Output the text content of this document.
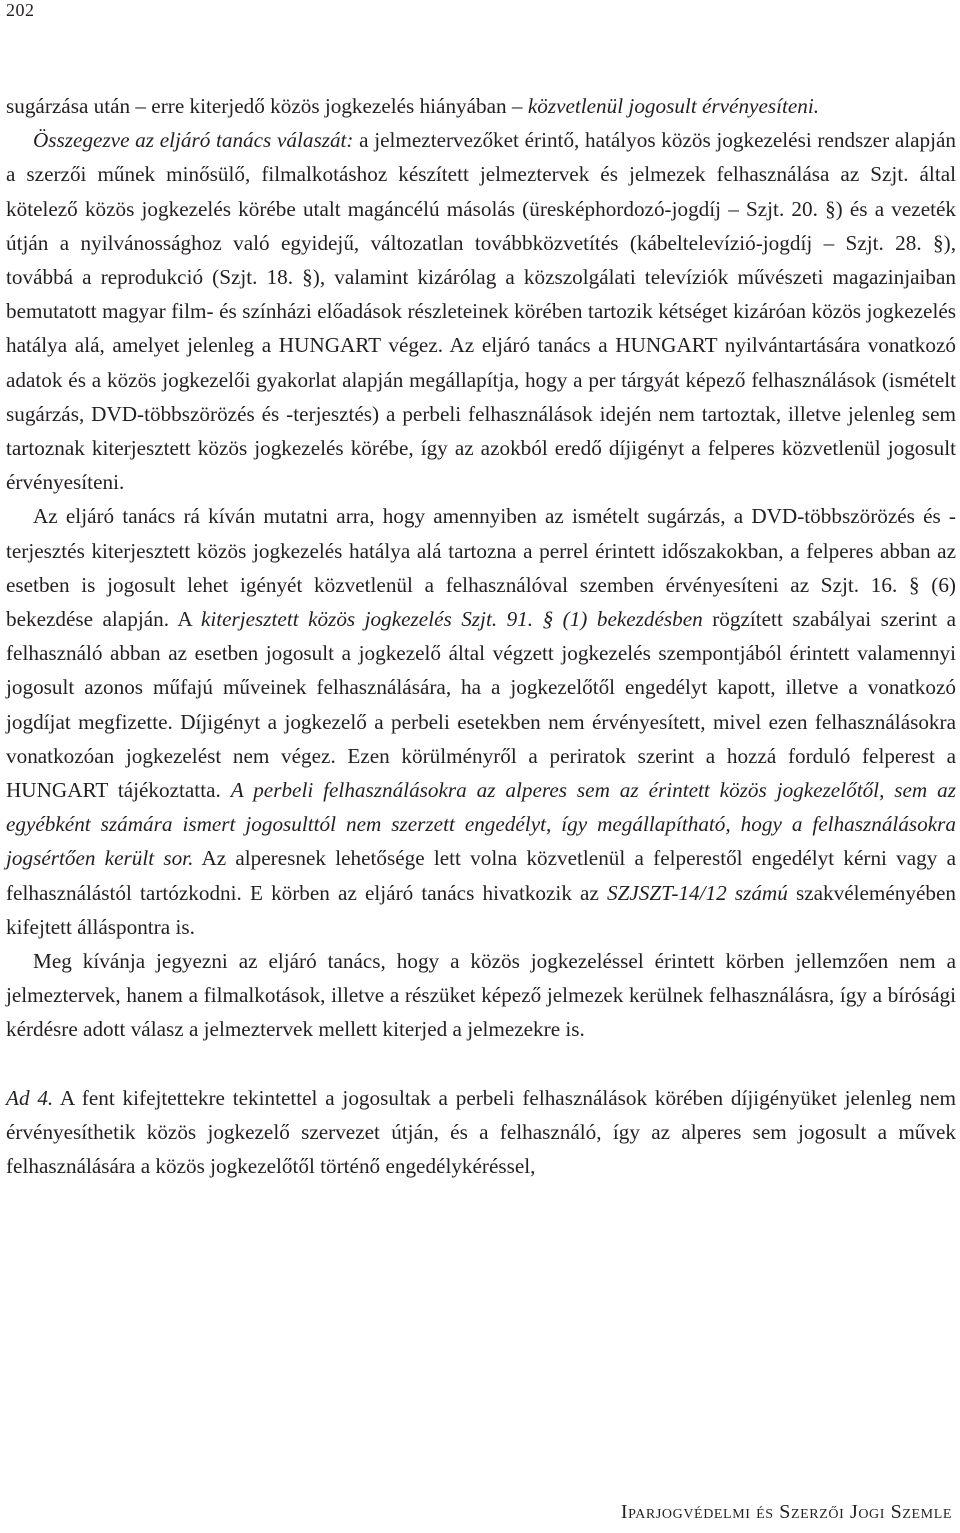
202

sugárzása után – erre kiterjedő közös jogkezelés hiányában – közvetlenül jogosult érvényesíteni.

Összegezve az eljáró tanács válaszát: a jelmeztervezőket érintő, hatályos közös jogkezelési rendszer alapján a szerzői műnek minősülő, filmalkotáshoz készített jelmeztervek és jelmezek felhasználása az Szjt. által kötelező közös jogkezelés körébe utalt magáncélú másolás (üresképhordozó-jogdíj – Szjt. 20. §) és a vezeték útján a nyilvánossághoz való egyidejű, változatlan továbbközvetítés (kábeltelevízió-jogdíj – Szjt. 28. §), továbbá a reprodukció (Szjt. 18. §), valamint kizárólag a közszolgálati televíziók művészeti magazinjaiban bemutatott magyar film- és színházi előadások részleteinek körében tartozik kétséget kizáróan közös jogkezelés hatálya alá, amelyet jelenleg a HUNGART végez. Az eljáró tanács a HUNGART nyilvántartására vonatkozó adatok és a közös jogkezelői gyakorlat alapján megállapítja, hogy a per tárgyát képező felhasználások (ismételt sugárzás, DVD-többszörözés és -terjesztés) a perbeli felhasználások idején nem tartoztak, illetve jelenleg sem tartoznak kiterjesztett közös jogkezelés körébe, így az azokból eredő díjigényt a felperes közvetlenül jogosult érvényesíteni.

Az eljáró tanács rá kíván mutatni arra, hogy amennyiben az ismételt sugárzás, a DVD-többszörözés és -terjesztés kiterjesztett közös jogkezelés hatálya alá tartozna a perrel érintett időszakokban, a felperes abban az esetben is jogosult lehet igényét közvetlenül a felhasználóval szemben érvényesíteni az Szjt. 16. § (6) bekezdése alapján. A kiterjesztett közös jogkezelés Szjt. 91. § (1) bekezdésben rögzített szabályai szerint a felhasználó abban az esetben jogosult a jogkezelő által végzett jogkezelés szempontjából érintett valamennyi jogosult azonos műfajú műveinek felhasználására, ha a jogkezelőtől engedélyt kapott, illetve a vonatkozó jogdíjat megfizette. Díjigényt a jogkezelő a perbeli esetekben nem érvényesített, mivel ezen felhasználásokra vonatkozóan jogkezelést nem végez. Ezen körülményről a periratok szerint a hozzá forduló felperest a HUNGART tájékoztatta. A perbeli felhasználásokra az alperes sem az érintett közös jogkezelőtől, sem az egyébként számára ismert jogosulttól nem szerzett engedélyt, így megállapítható, hogy a felhasználásokra jogsértően került sor. Az alperesnek lehetősége lett volna közvetlenül a felperestől engedélyt kérni vagy a felhasználástól tartózkodni. E körben az eljáró tanács hivatkozik az SZJSZT-14/12 számú szakvéleményében kifejtett álláspontra is.

Meg kívánja jegyezni az eljáró tanács, hogy a közös jogkezeléssel érintett körben jellemzően nem a jelmeztervek, hanem a filmalkotások, illetve a részüket képező jelmezek kerülnek felhasználásra, így a bírósági kérdésre adott válasz a jelmeztervek mellett kiterjed a jelmezekre is.

Ad 4. A fent kifejtettekre tekintettel a jogosultak a perbeli felhasználások körében díjigényüket jelenleg nem érvényesíthetik közös jogkezelő szervezet útján, és a felhasználó, így az alperes sem jogosult a művek felhasználására a közös jogkezelőtől történő engedélykéréssel,

Iparjogvédelmi és Szerzői Jogi Szemle
